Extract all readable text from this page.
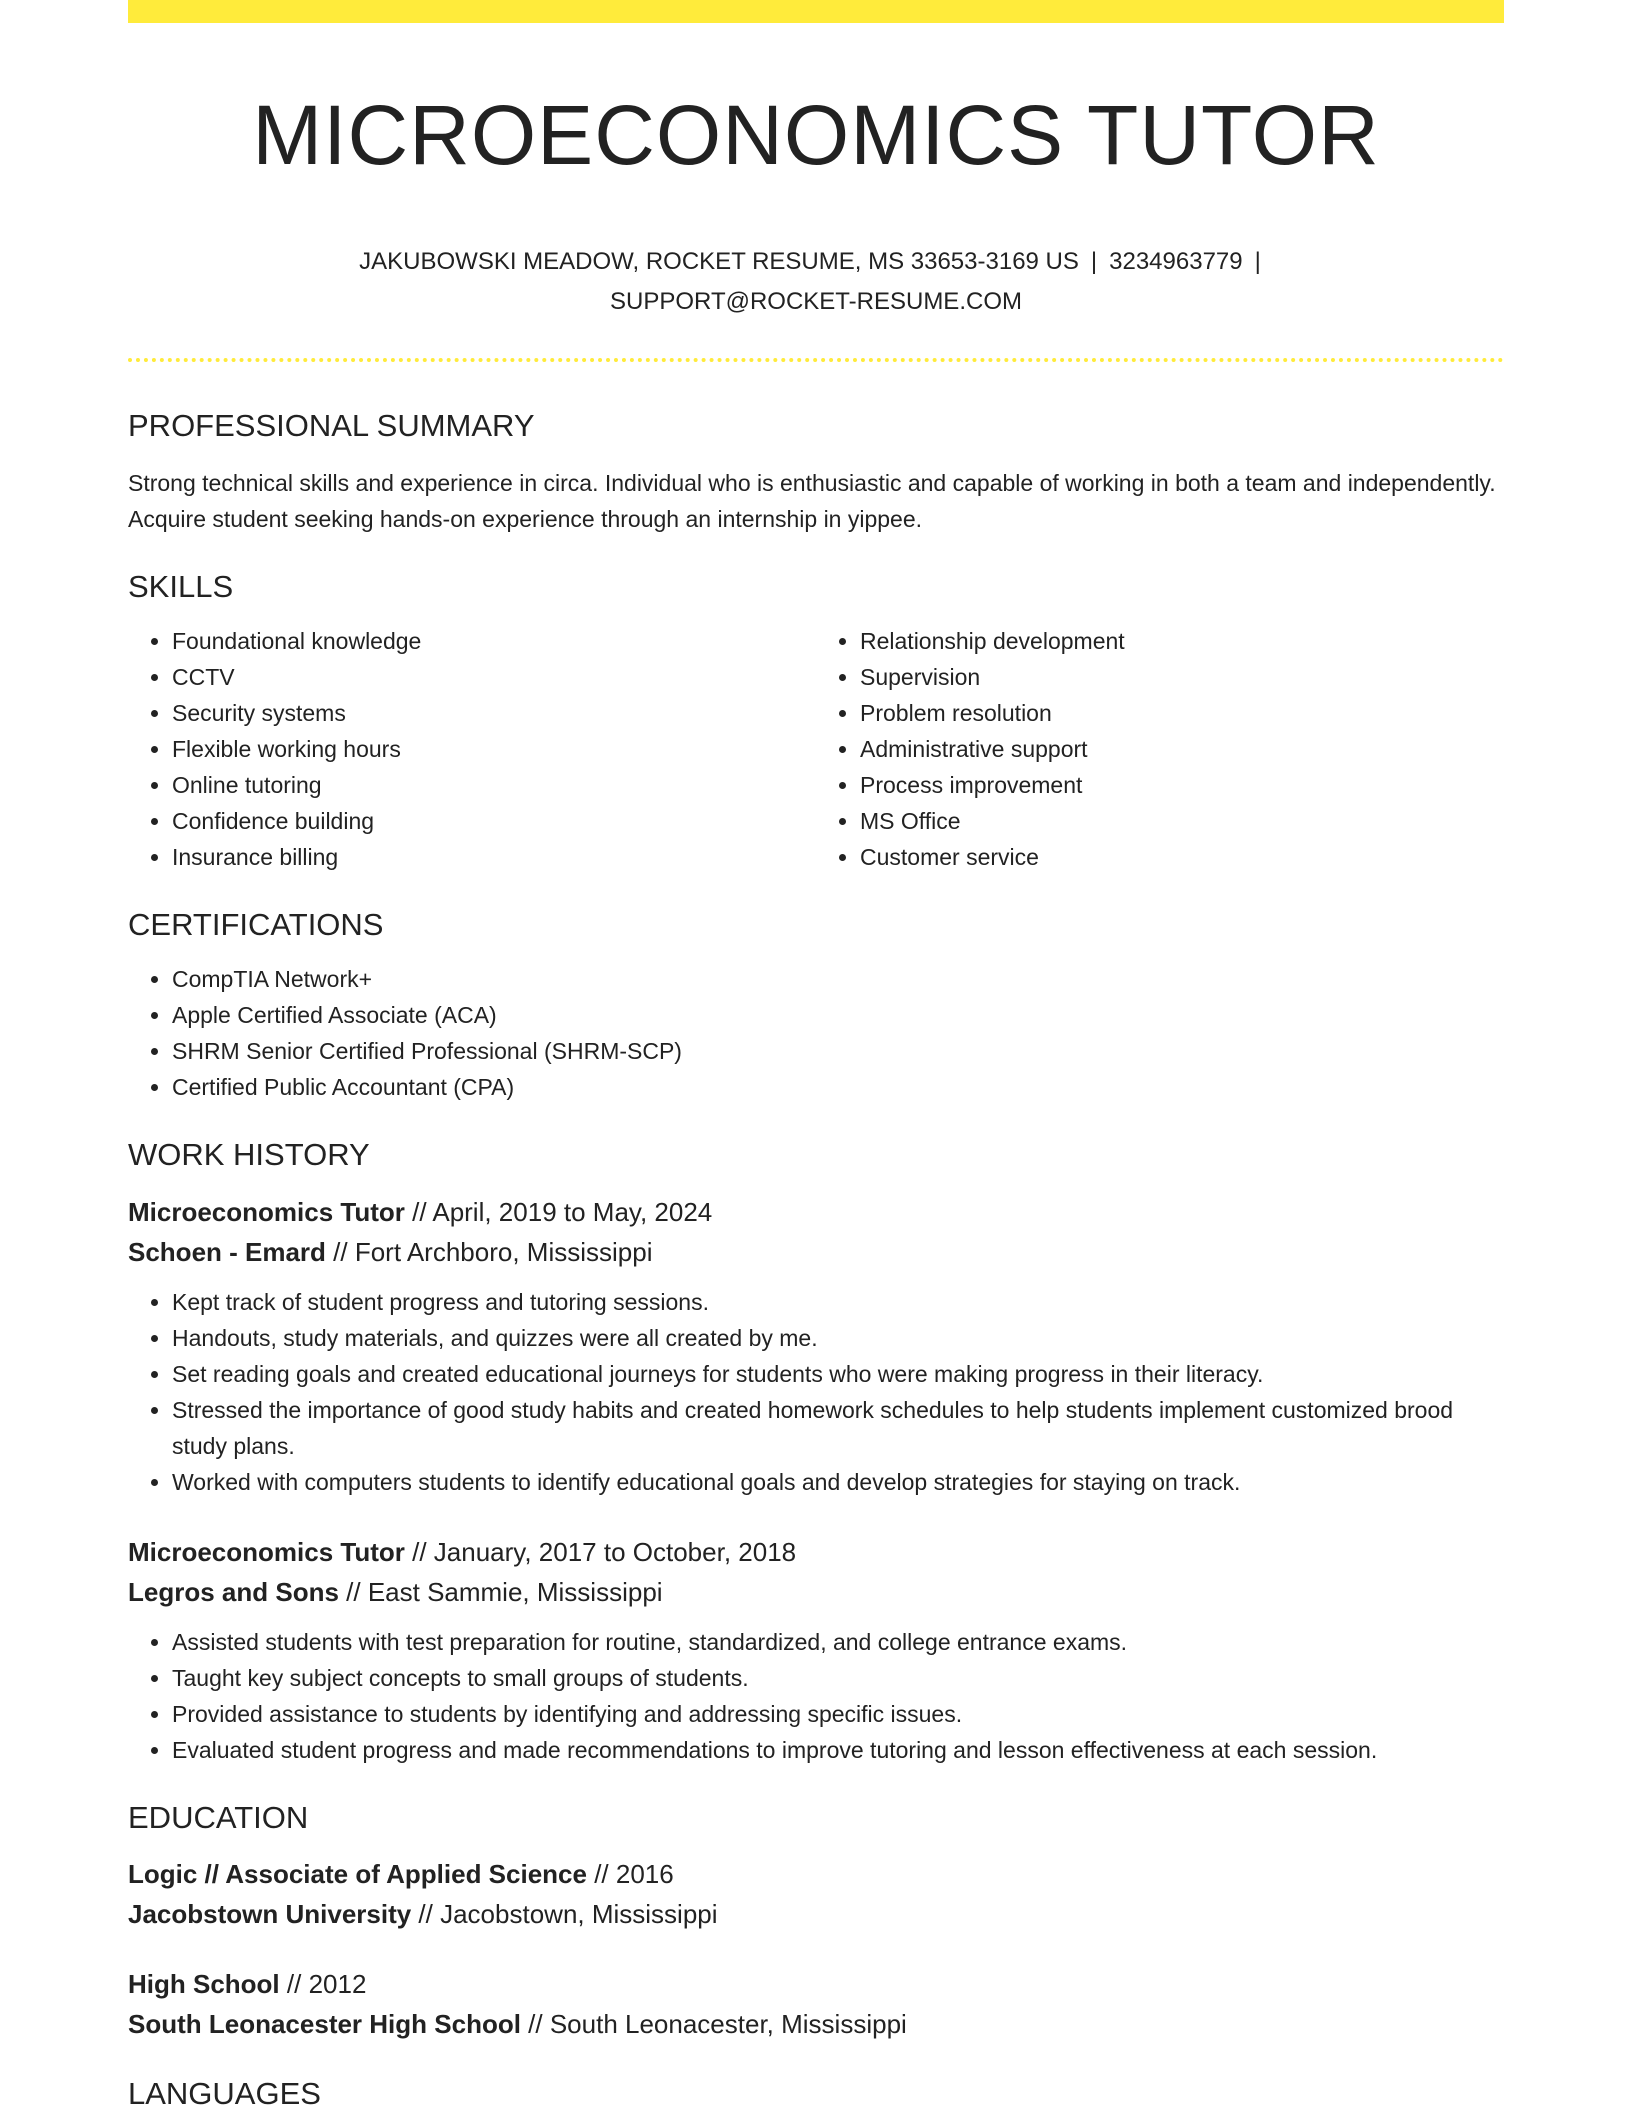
MICROECONOMICS TUTOR
JAKUBOWSKI MEADOW, ROCKET RESUME, MS 33653-3169 US | 3234963779 |
SUPPORT@ROCKET-RESUME.COM
PROFESSIONAL SUMMARY

Strong technical skills and experience in circa. Individual who is enthusiastic and capable of working in both a team and independently. Acquire student seeking hands-on experience through an internship in yippee.

SKILLS
• Foundational knowledge
• CCTV
• Security systems
• Flexible working hours
• Online tutoring
• Confidence building
• Insurance billing
• Relationship development
• Supervision
• Problem resolution
• Administrative support
• Process improvement
• MS Office
• Customer service
CERTIFICATIONS
• CompTIA Network+
• Apple Certified Associate (ACA)
• SHRM Senior Certified Professional (SHRM-SCP)
• Certified Public Accountant (CPA)
WORK HISTORY
Microeconomics Tutor // April, 2019 to May, 2024
Schoen - Emard // Fort Archboro, Mississippi
• Kept track of student progress and tutoring sessions.
• Handouts, study materials, and quizzes were all created by me.
• Set reading goals and created educational journeys for students who were making progress in their literacy.
• Stressed the importance of good study habits and created homework schedules to help students implement customized brood study plans.
• Worked with computers students to identify educational goals and develop strategies for staying on track.
Microeconomics Tutor // January, 2017 to October, 2018
Legros and Sons // East Sammie, Mississippi
• Assisted students with test preparation for routine, standardized, and college entrance exams.
• Taught key subject concepts to small groups of students.
• Provided assistance to students by identifying and addressing specific issues.
• Evaluated student progress and made recommendations to improve tutoring and lesson effectiveness at each session.
EDUCATION
Logic // Associate of Applied Science // 2016
Jacobstown University // Jacobstown, Mississippi
High School // 2012
South Leonacester High School // South Leonacester, Mississippi
LANGUAGES
